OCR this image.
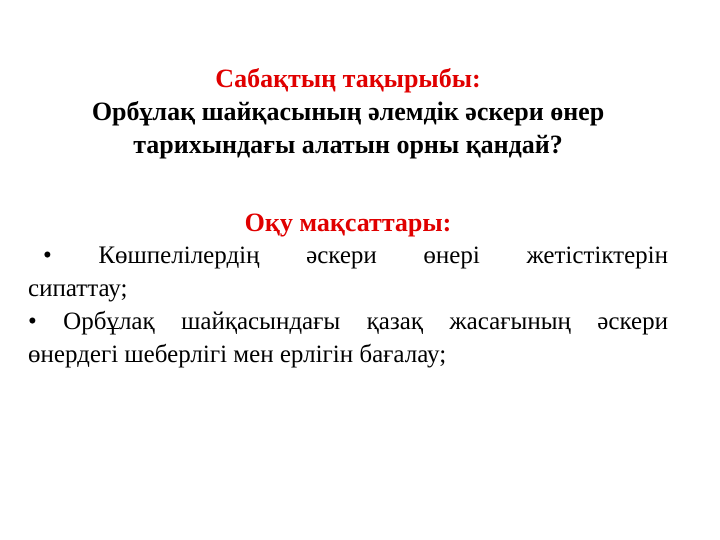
Сабақтың тақырыбы:
Орбұлақ шайқасының әлемдік әскери өнер
тарихындағы алатын орны қандай?
Оқу мақсаттары:
• Көшпелілердің әскери өнері жетістіктерін
сипаттау;
• Орбұлақ шайқасындағы қазақ жасағының әскери
өнердегі шеберлігі мен ерлігін бағалау;
